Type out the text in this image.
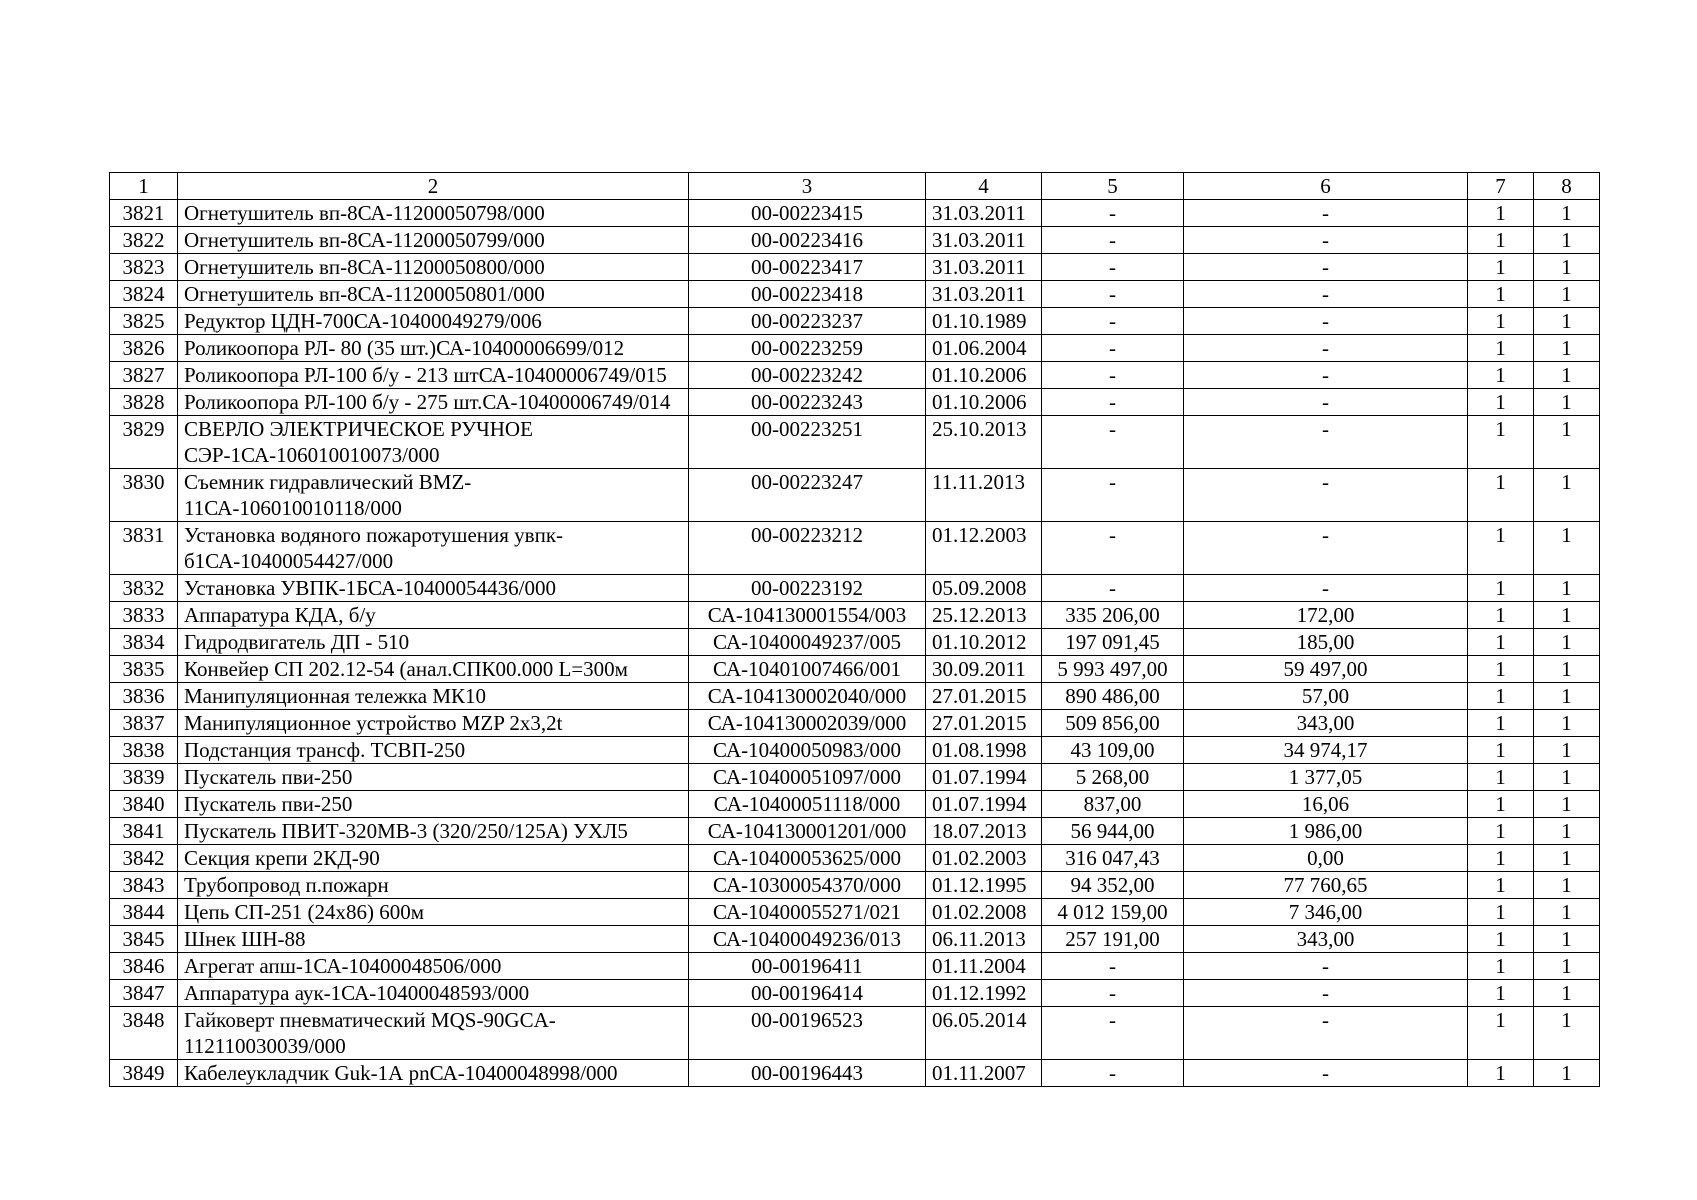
1	2	3	4	5	6	7	8
3821	Огнетушитель вп-8СА-11200050798/000	00-00223415	31.03.2011	-	-	1	1
3822	Огнетушитель вп-8СА-11200050799/000	00-00223416	31.03.2011	-	-	1	1
3823	Огнетушитель вп-8СА-11200050800/000	00-00223417	31.03.2011	-	-	1	1
3824	Огнетушитель вп-8СА-11200050801/000	00-00223418	31.03.2011	-	-	1	1
3825	Редуктор ЦДН-700СА-10400049279/006	00-00223237	01.10.1989	-	-	1	1
3826	Роликоопора РЛ- 80 (35 шт.)СА-10400006699/012	00-00223259	01.06.2004	-	-	1	1
3827	Роликоопора РЛ-100 б/у - 213 штСА-10400006749/015	00-00223242	01.10.2006	-	-	1	1
3828	Роликоопора РЛ-100 б/у - 275 шт.СА-10400006749/014	00-00223243	01.10.2006	-	-	1	1
3829	СВЕРЛО ЭЛЕКТРИЧЕСКОЕ РУЧНОЕ СЭР-1СА-106010010073/000	00-00223251	25.10.2013	-	-	1	1
3830	Съемник гидравлический BMZ-11СА-106010010118/000	00-00223247	11.11.2013	-	-	1	1
3831	Установка водяного пожаротушения увпк-б1СА-10400054427/000	00-00223212	01.12.2003	-	-	1	1
3832	Установка УВПК-1БСА-10400054436/000	00-00223192	05.09.2008	-	-	1	1
3833	Аппаратура КДА, б/у	СА-104130001554/003	25.12.2013	335 206,00	172,00	1	1
3834	Гидродвигатель ДП - 510	СА-10400049237/005	01.10.2012	197 091,45	185,00	1	1
3835	Конвейер СП 202.12-54 (анал.СПК00.000 L=300м	СА-10401007466/001	30.09.2011	5 993 497,00	59 497,00	1	1
3836	Манипуляционная тележка МК10	СА-104130002040/000	27.01.2015	890 486,00	57,00	1	1
3837	Манипуляционное устройство MZP 2х3,2t	СА-104130002039/000	27.01.2015	509 856,00	343,00	1	1
3838	Подстанция трансф. ТСВП-250	СА-10400050983/000	01.08.1998	43 109,00	34 974,17	1	1
3839	Пускатель пви-250	СА-10400051097/000	01.07.1994	5 268,00	1 377,05	1	1
3840	Пускатель пви-250	СА-10400051118/000	01.07.1994	837,00	16,06	1	1
3841	Пускатель ПВИТ-320МВ-3 (320/250/125А) УХЛ5	СА-104130001201/000	18.07.2013	56 944,00	1 986,00	1	1
3842	Секция крепи 2КД-90	СА-10400053625/000	01.02.2003	316 047,43	0,00	1	1
3843	Трубопровод п.пожарн	СА-10300054370/000	01.12.1995	94 352,00	77 760,65	1	1
3844	Цепь СП-251 (24х86) 600м	СА-10400055271/021	01.02.2008	4 012 159,00	7 346,00	1	1
3845	Шнек ШН-88	СА-10400049236/013	06.11.2013	257 191,00	343,00	1	1
3846	Агрегат апш-1СА-10400048506/000	00-00196411	01.11.2004	-	-	1	1
3847	Аппаратура аук-1СА-10400048593/000	00-00196414	01.12.1992	-	-	1	1
3848	Гайковерт пневматический MQS-90GCA-112110030039/000	00-00196523	06.05.2014	-	-	1	1
3849	Кабелеукладчик Guk-1А pnСА-10400048998/000	00-00196443	01.11.2007	-	-	1	1
